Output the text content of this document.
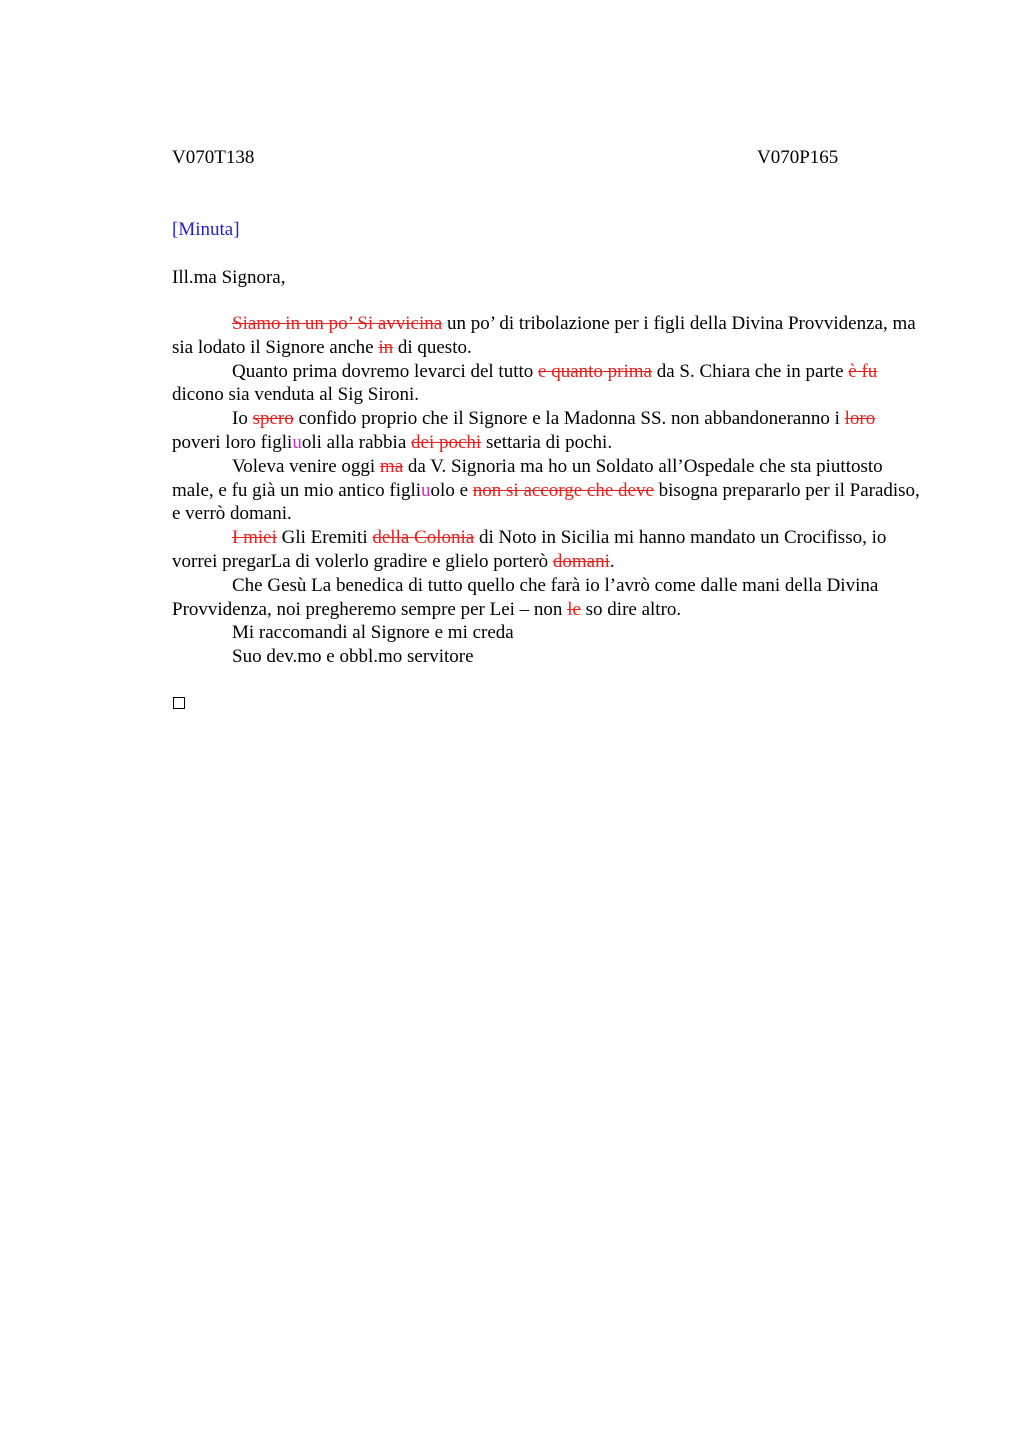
V070T138	V070P165
[Minuta]
Ill.ma Signora,

Siamo in un po’ Si avvicina un po’ di tribolazione per i figli della Divina Provvidenza, ma sia lodato il Signore anche in di questo.

Quanto prima dovremo levarci del tutto e quanto prima da S. Chiara che in parte è fu dicono sia venduta al Sig Sironi.

Io spero confido proprio che il Signore e la Madonna SS. non abbandoneranno i loro poveri loro figliuoli alla rabbia dei pochi settaria di pochi.

Voleva venire oggi ma da V. Signoria ma ho un Soldato all’Ospedale che sta piuttosto male, e fu già un mio antico figliuolo e non si accorge che deve bisogna prepararlo per il Paradiso, e verrò domani.

I miei Gli Eremiti della Colonia di Noto in Sicilia mi hanno mandato un Crocifisso, io vorrei pregarLa di volerlo gradire e glielo porterò domani.

Che Gesù La benedica di tutto quello che farà io l’avrò come dalle mani della Divina Provvidenza, noi pregheremo sempre per Lei – non le so dire altro.

Mi raccomandi al Signore e mi creda

Suo dev.mo e obbl.mo servitore
